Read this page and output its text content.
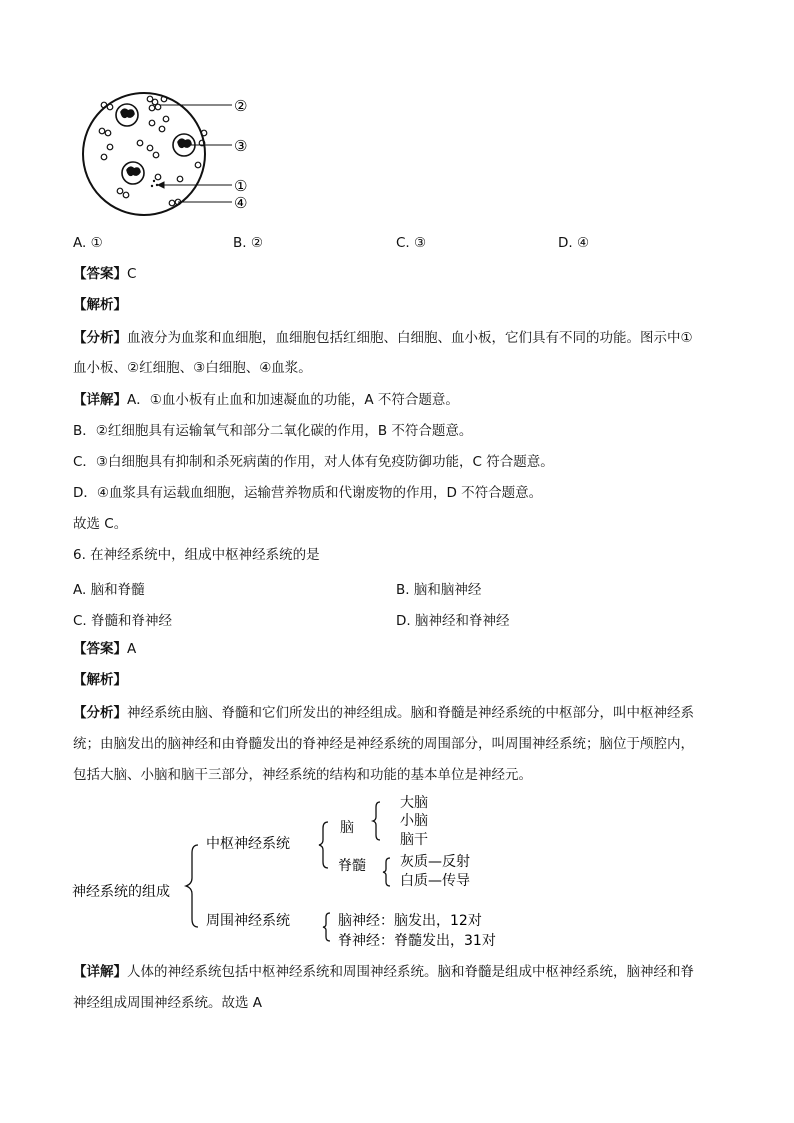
②
③
①
④
A. ①	B. ②	C. ③	D. ④
【答案】C
【解析】
【分析】血液分为血浆和血细胞，血细胞包括红细胞、白细胞、血小板，它们具有不同的功能。图示中①
血小板、②红细胞、③白细胞、④血浆。
【详解】A．①血小板有止血和加速凝血的功能，A 不符合题意。
B．②红细胞具有运输氧气和部分二氧化碳的作用，B 不符合题意。
C．③白细胞具有抑制和杀死病菌的作用，对人体有免疫防御功能，C 符合题意。
D．④血浆具有运载血细胞，运输营养物质和代谢废物的作用，D 不符合题意。
故选 C。
6. 在神经系统中，组成中枢神经系统的是
A. 脑和脊髓	B. 脑和脑神经
C. 脊髓和脊神经	D. 脑神经和脊神经
【答案】A
【解析】
【分析】神经系统由脑、脊髓和它们所发出的神经组成。脑和脊髓是神经系统的中枢部分，叫中枢神经系
统；由脑发出的脑神经和由脊髓发出的脊神经是神经系统的周围部分，叫周围神经系统；脑位于颅腔内，
包括大脑、小脑和脑干三部分，神经系统的结构和功能的基本单位是神经元。
神经系统的组成
中枢神经系统
周围神经系统
脑
大脑
小脑
脑干
脊髓 灰质—反射
白质—传导
脑神经：脑发出，12对
脊神经：脊髓发出，31对
【详解】人体的神经系统包括中枢神经系统和周围神经系统。脑和脊髓是组成中枢神经系统，脑神经和脊
神经组成周围神经系统。故选 A
